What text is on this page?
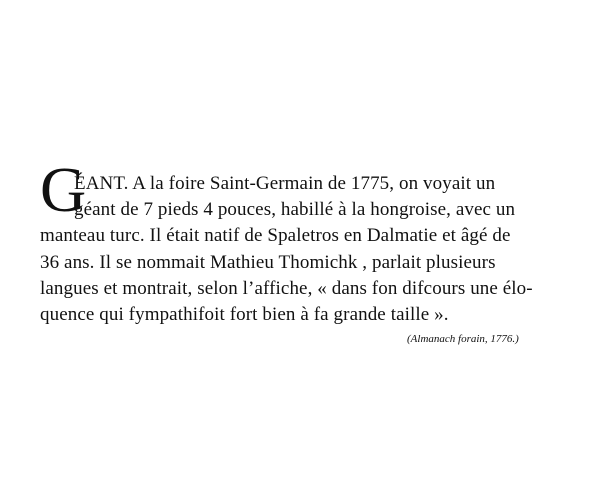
G
ÉANT. A la foire Saint-Germain de 1775, on voyait un
géant de 7 pieds 4 pouces, habillé à la hongroise, avec un
manteau turc. Il était natif de Spaletros en Dalmatie et âgé de
36 ans. Il se nommait Mathieu Thomichk , parlait plusieurs
langues et montrait, selon l’affiche, « dans fon difcours une élo-
quence qui fympathifoit fort bien à fa grande taille ».
(Almanach forain, 1776.)
